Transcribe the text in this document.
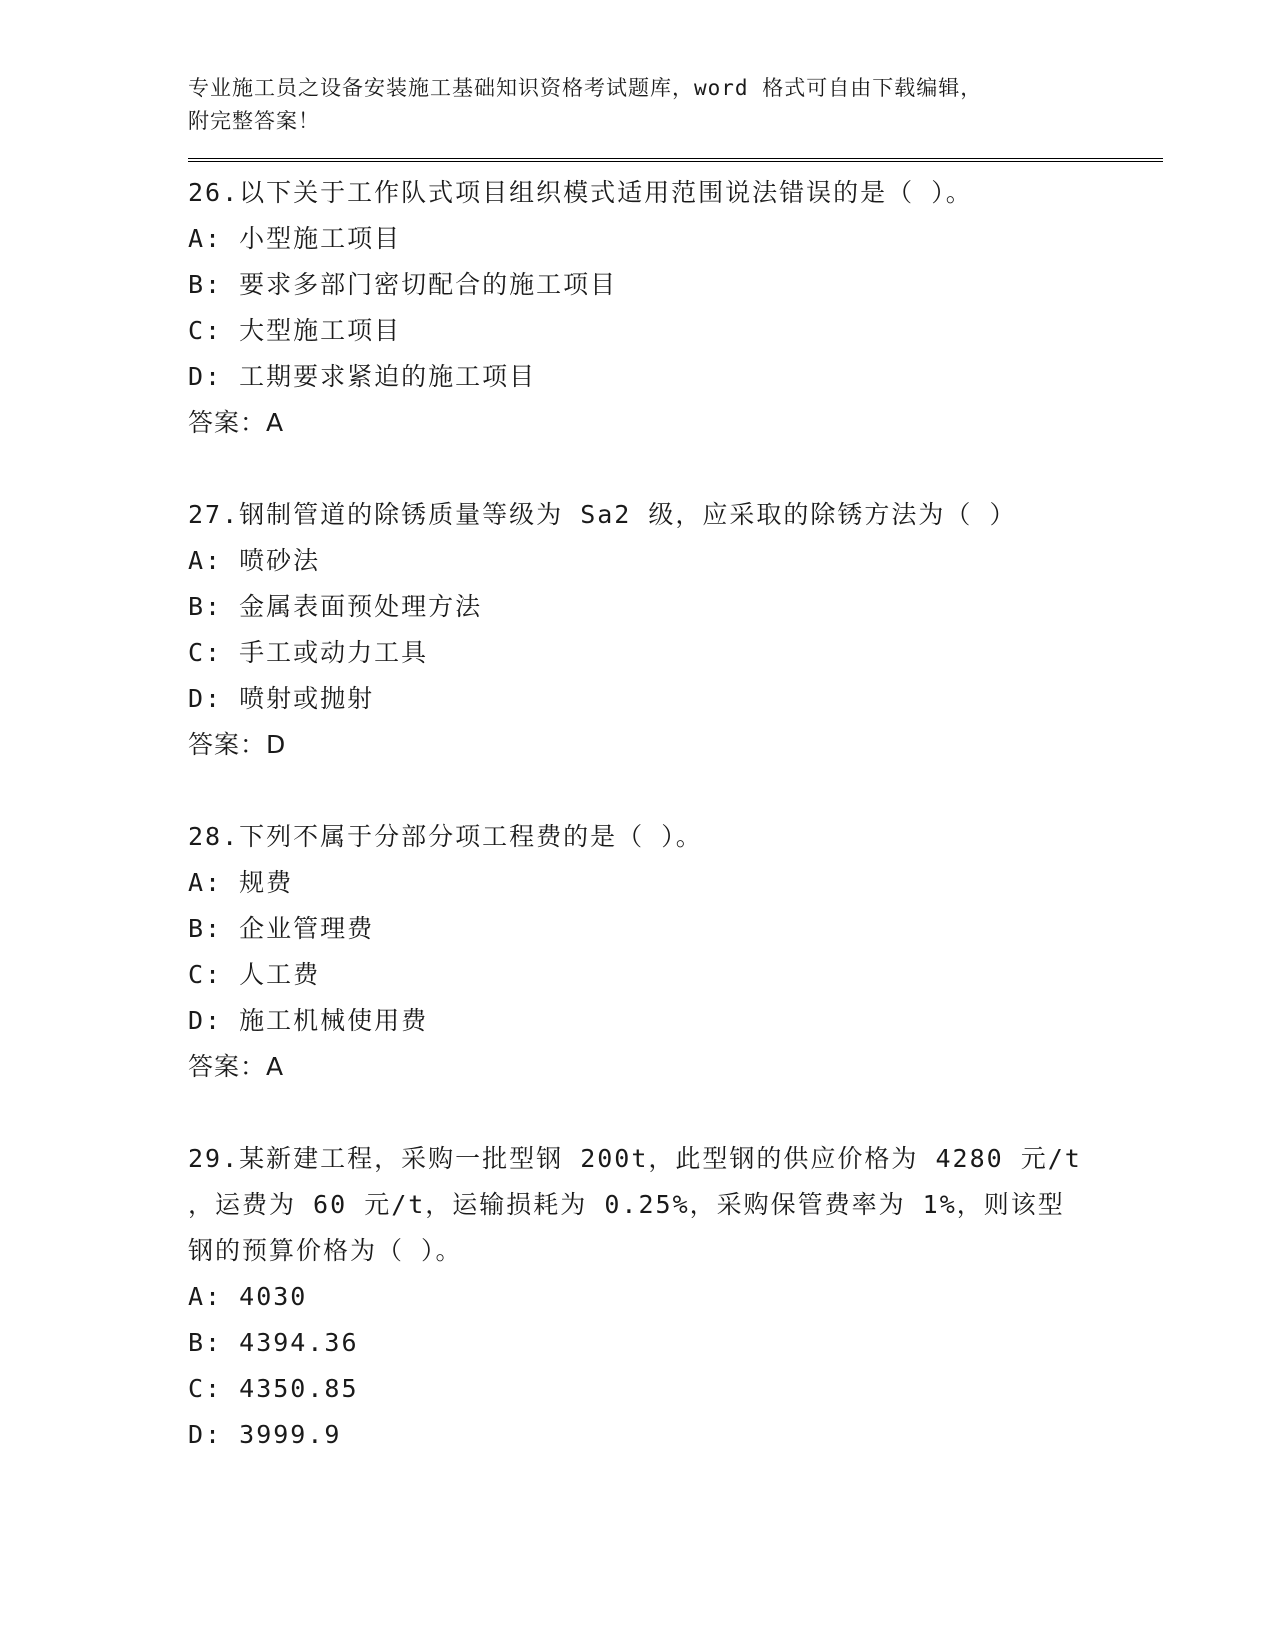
专业施工员之设备安装施工基础知识资格考试题库，word 格式可自由下载编辑，

附完整答案！

26.以下关于工作队式项目组织模式适用范围说法错误的是（ ）。
A: 小型施工项目
B: 要求多部门密切配合的施工项目
C: 大型施工项目
D: 工期要求紧迫的施工项目
答案：A
27.钢制管道的除锈质量等级为 Sa2 级，应采取的除锈方法为（ ）
A: 喷砂法
B: 金属表面预处理方法
C: 手工或动力工具
D: 喷射或抛射
答案：D
28.下列不属于分部分项工程费的是（ ）。
A: 规费
B: 企业管理费
C: 人工费
D: 施工机械使用费
答案：A
29.某新建工程，采购一批型钢 200t，此型钢的供应价格为 4280 元/t
，运费为 60 元/t，运输损耗为 0.25%，采购保管费率为 1%，则该型
钢的预算价格为（ ）。
A: 4030
B: 4394.36
C: 4350.85
D: 3999.9
